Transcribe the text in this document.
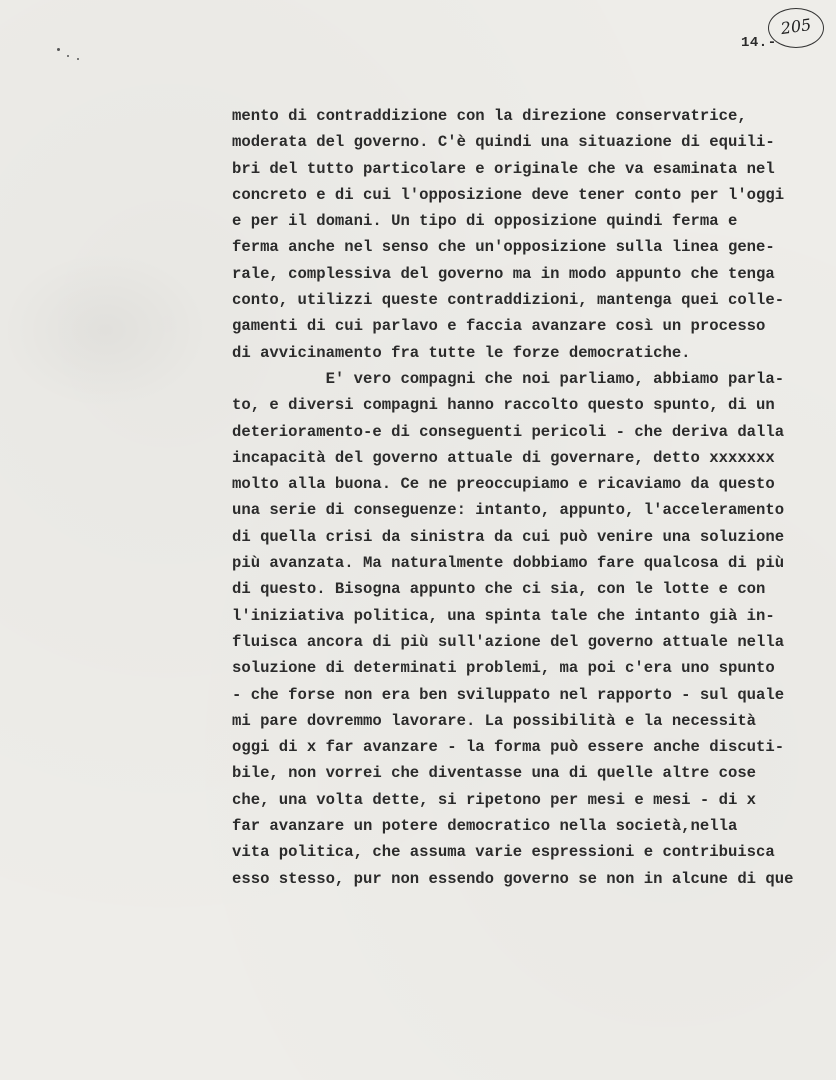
14.-
205
mento di contraddizione con la direzione conservatrice,
moderata del governo. C'è quindi una situazione di equili-
bri del tutto particolare e originale che va esaminata nel
concreto e di cui l'opposizione deve tener conto per l'oggi
e per il domani. Un tipo di opposizione quindi ferma e
ferma anche nel senso che un'opposizione sulla linea gene-
rale, complessiva del governo ma in modo appunto che tenga
conto, utilizzi queste contraddizioni, mantenga quei colle-
gamenti di cui parlavo e faccia avanzare così un processo
di avvicinamento fra tutte le forze democratiche.
E' vero compagni che noi parliamo, abbiamo parla-
to, e diversi compagni hanno raccolto questo spunto, di un
deterioramento-e di conseguenti pericoli - che deriva dalla
incapacità del governo attuale di governare, detto xxxxxxx
molto alla buona. Ce ne preoccupiamo e ricaviamo da questo
una serie di conseguenze: intanto, appunto, l'acceleramento
di quella crisi da sinistra da cui può venire una soluzione
più avanzata. Ma naturalmente dobbiamo fare qualcosa di più
di questo. Bisogna appunto che ci sia, con le lotte e con
l'iniziativa politica, una spinta tale che intanto già in-
fluisca ancora di più sull'azione del governo attuale nella
soluzione di determinati problemi, ma poi c'era uno spunto
- che forse non era ben sviluppato nel rapporto - sul quale
mi pare dovremmo lavorare. La possibilità e la necessità
oggi di x far avanzare - la forma può essere anche discuti-
bile, non vorrei che diventasse una di quelle altre cose
che, una volta dette, si ripetono per mesi e mesi - di x
far avanzare un potere democratico nella società,nella
vita politica, che assuma varie espressioni e contribuisca
esso stesso, pur non essendo governo se non in alcune di que
